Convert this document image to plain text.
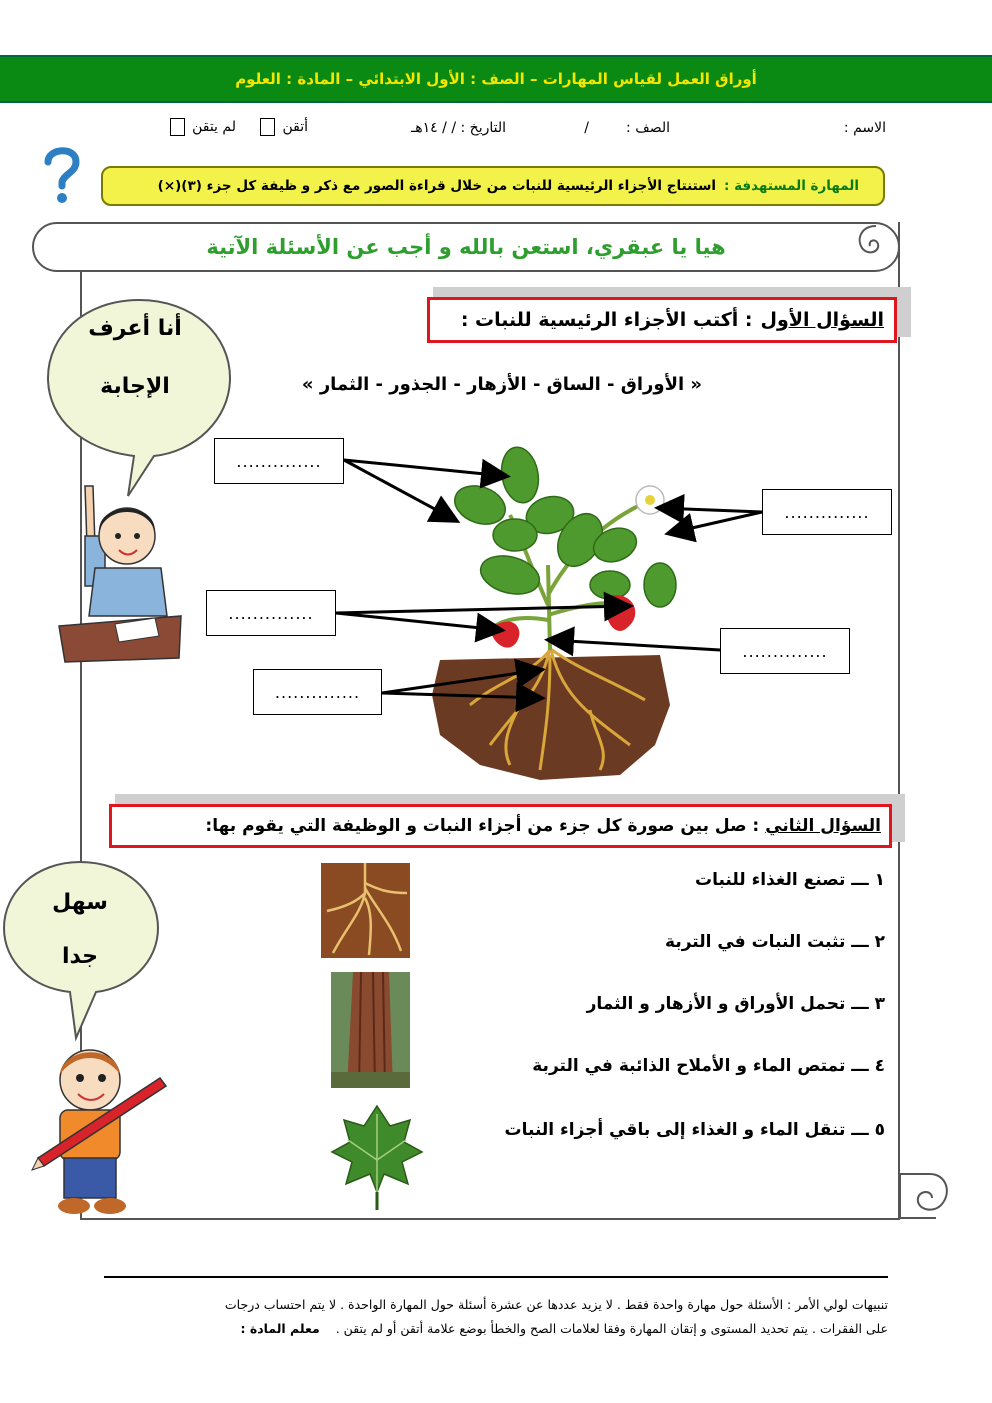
أوراق العمل لقياس المهارات – الصف : الأول الابتدائي – المادة : العلوم
الاسم :
الصف :
/
التاريخ : / / ١٤هـ
أتقن
لم يتقن
المهارة المستهدفة :
استنتاج الأجزاء الرئيسية للنبات من خلال قراءة الصور مع ذكر و ظيفة كل جزء (٣)(×)
هيا يا عبقري، استعن بالله و أجب عن الأسئلة الآتية
السؤال الأول
: أكتب الأجزاء الرئيسية للنبات :
« الأوراق - الساق - الأزهار - الجذور - الثمار »
..............
..............
..............
..............
..............
أنا أعرف
الإجابة
السؤال الثاني
: صل بين صورة كل جزء من أجزاء النبات و الوظيفة التي يقوم بها:
١ ـــ تصنع الغذاء للنبات
٢ ـــ تثبت النبات في التربة
٣ ـــ تحمل الأوراق و الأزهار و الثمار
٤ ـــ تمتص الماء و الأملاح الذائبة في التربة
٥ ـــ تنقل الماء و الغذاء إلى باقي أجزاء النبات
سهل
جدا
تنبيهات لولي الأمر : الأسئلة حول مهارة واحدة فقط . لا يزيد عددها عن عشرة أسئلة حول المهارة الواحدة . لا يتم احتساب درجات
على الفقرات . يتم تحديد المستوى و إتقان المهارة وفقا لعلامات الصح والخطأ بوضع علامة أتقن أو لم يتقن . معلم المادة :
